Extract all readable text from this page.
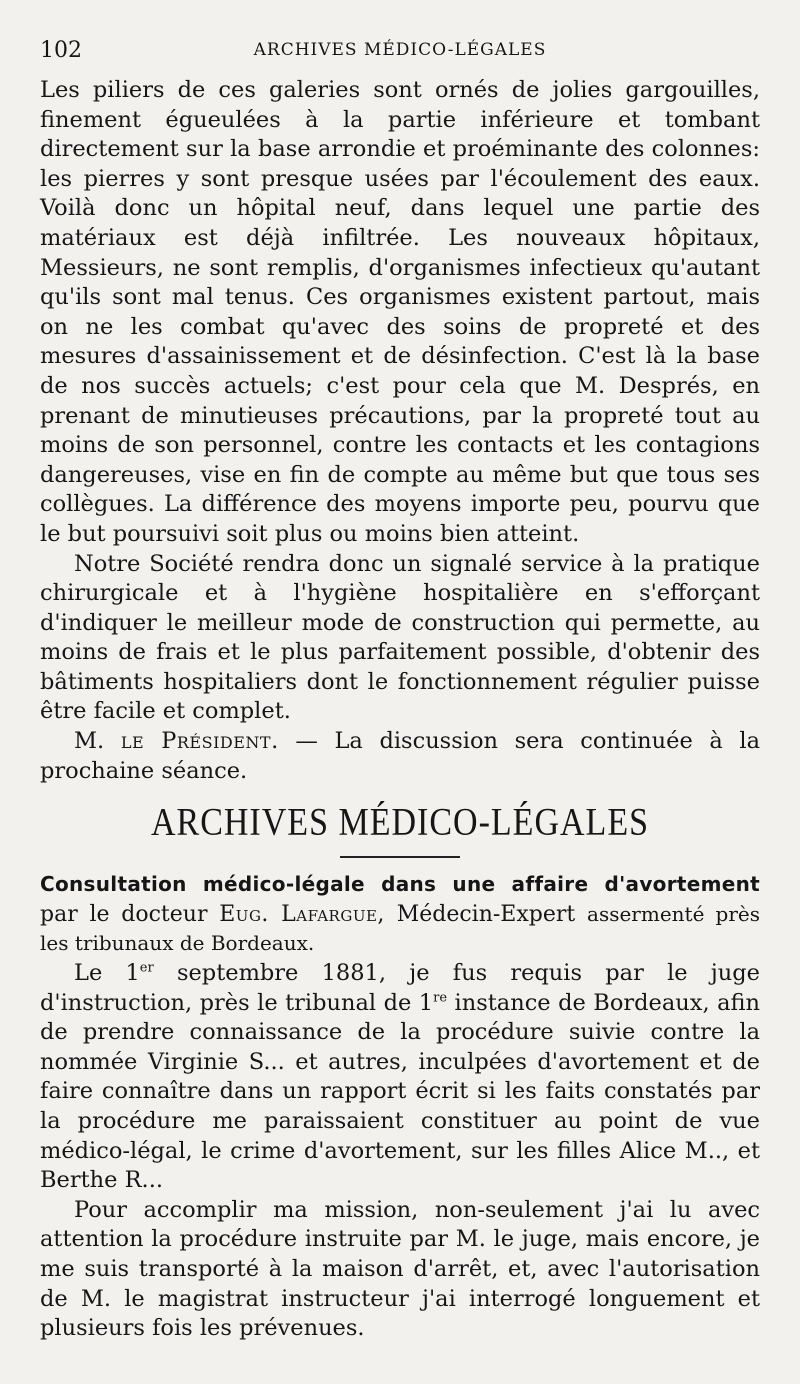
102	ARCHIVES MÉDICO-LÉGALES

Les piliers de ces galeries sont ornés de jolies gargouilles, finement égueulées à la partie inférieure et tombant directement sur la base arrondie et proéminante des colonnes: les pierres y sont presque usées par l'écoulement des eaux. Voilà donc un hôpital neuf, dans lequel une partie des matériaux est déjà infiltrée. Les nouveaux hôpitaux, Messieurs, ne sont remplis, d'organismes infectieux qu'autant qu'ils sont mal tenus. Ces organismes existent partout, mais on ne les combat qu'avec des soins de propreté et des mesures d'assainissement et de désinfection. C'est là la base de nos succès actuels; c'est pour cela que M. Després, en prenant de minutieuses précautions, par la propreté tout au moins de son personnel, contre les contacts et les contagions dangereuses, vise en fin de compte au même but que tous ses collègues. La différence des moyens importe peu, pourvu que le but poursuivi soit plus ou moins bien atteint.

Notre Société rendra donc un signalé service à la pratique chirurgicale et à l'hygiène hospitalière en s'efforçant d'indiquer le meilleur mode de construction qui permette, au moins de frais et le plus parfaitement possible, d'obtenir des bâtiments hospitaliers dont le fonctionnement régulier puisse être facile et complet.

M. le Président. — La discussion sera continuée à la prochaine séance.

ARCHIVES MÉDICO-LÉGALES

Consultation médico-légale dans une affaire d'avortement par le docteur Eug. Lafargue, Médecin-Expert assermenté près les tribunaux de Bordeaux.

Le 1er septembre 1881, je fus requis par le juge d'instruction, près le tribunal de 1re instance de Bordeaux, afin de prendre connaissance de la procédure suivie contre la nommée Virginie S... et autres, inculpées d'avortement et de faire connaître dans un rapport écrit si les faits constatés par la procédure me paraissaient constituer au point de vue médico-légal, le crime d'avortement, sur les filles Alice M.., et Berthe R...

Pour accomplir ma mission, non-seulement j'ai lu avec attention la procédure instruite par M. le juge, mais encore, je me suis transporté à la maison d'arrêt, et, avec l'autorisation de M. le magistrat instructeur j'ai interrogé longuement et plusieurs fois les prévenues.
